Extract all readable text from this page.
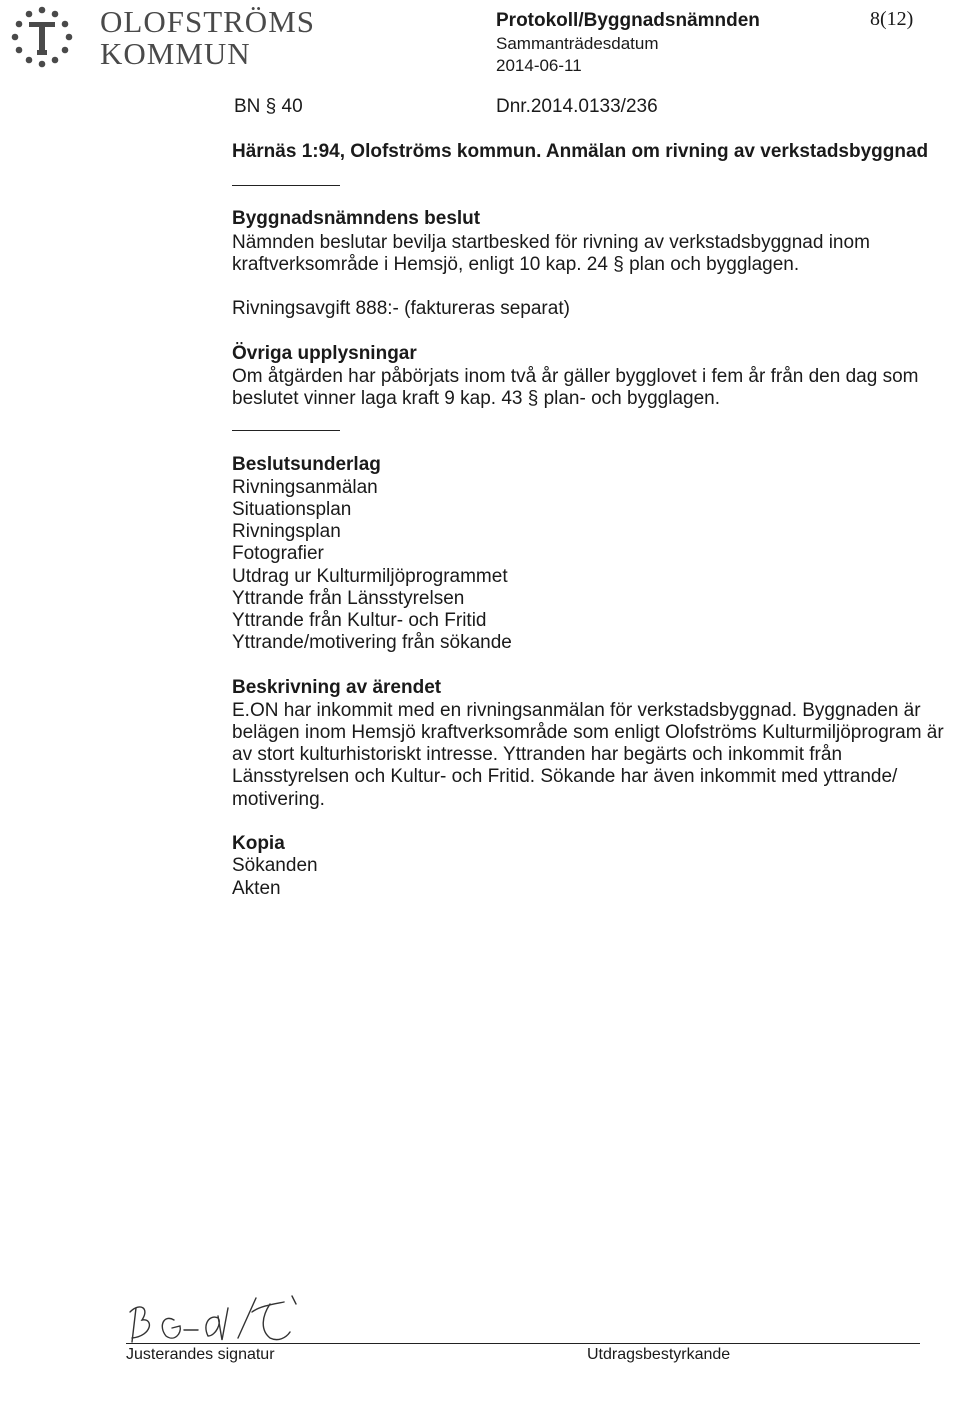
OLOFSTRÖMS
KOMMUN
Protokoll/Byggnadsnämnden	8(12)
Sammanträdesdatum
2014-06-11
BN § 40	Dnr.2014.0133/236
Härnäs 1:94, Olofströms kommun. Anmälan om rivning av verkstadsbyggnad
Byggnadsnämndens beslut
Nämnden beslutar bevilja startbesked för rivning av verkstadsbyggnad inom
kraftverksområde i Hemsjö, enligt 10 kap. 24 § plan och bygglagen.
Rivningsavgift 888:- (faktureras separat)
Övriga upplysningar
Om åtgärden har påbörjats inom två år gäller bygglovet i fem år från den dag som
beslutet vinner laga kraft 9 kap. 43 § plan- och bygglagen.
Beslutsunderlag
Rivningsanmälan
Situationsplan
Rivningsplan
Fotografier
Utdrag ur Kulturmiljöprogrammet
Yttrande från Länsstyrelsen
Yttrande från Kultur- och Fritid
Yttrande/motivering från sökande
Beskrivning av ärendet
E.ON har inkommit med en rivningsanmälan för verkstadsbyggnad. Byggnaden är
belägen inom Hemsjö kraftverksområde som enligt Olofströms Kulturmiljöprogram är
av stort kulturhistoriskt intresse. Yttranden har begärts och inkommit från
Länsstyrelsen och Kultur- och Fritid. Sökande har även inkommit med yttrande/
motivering.
Kopia
Sökanden
Akten
Justerandes signatur	Utdragsbestyrkande
